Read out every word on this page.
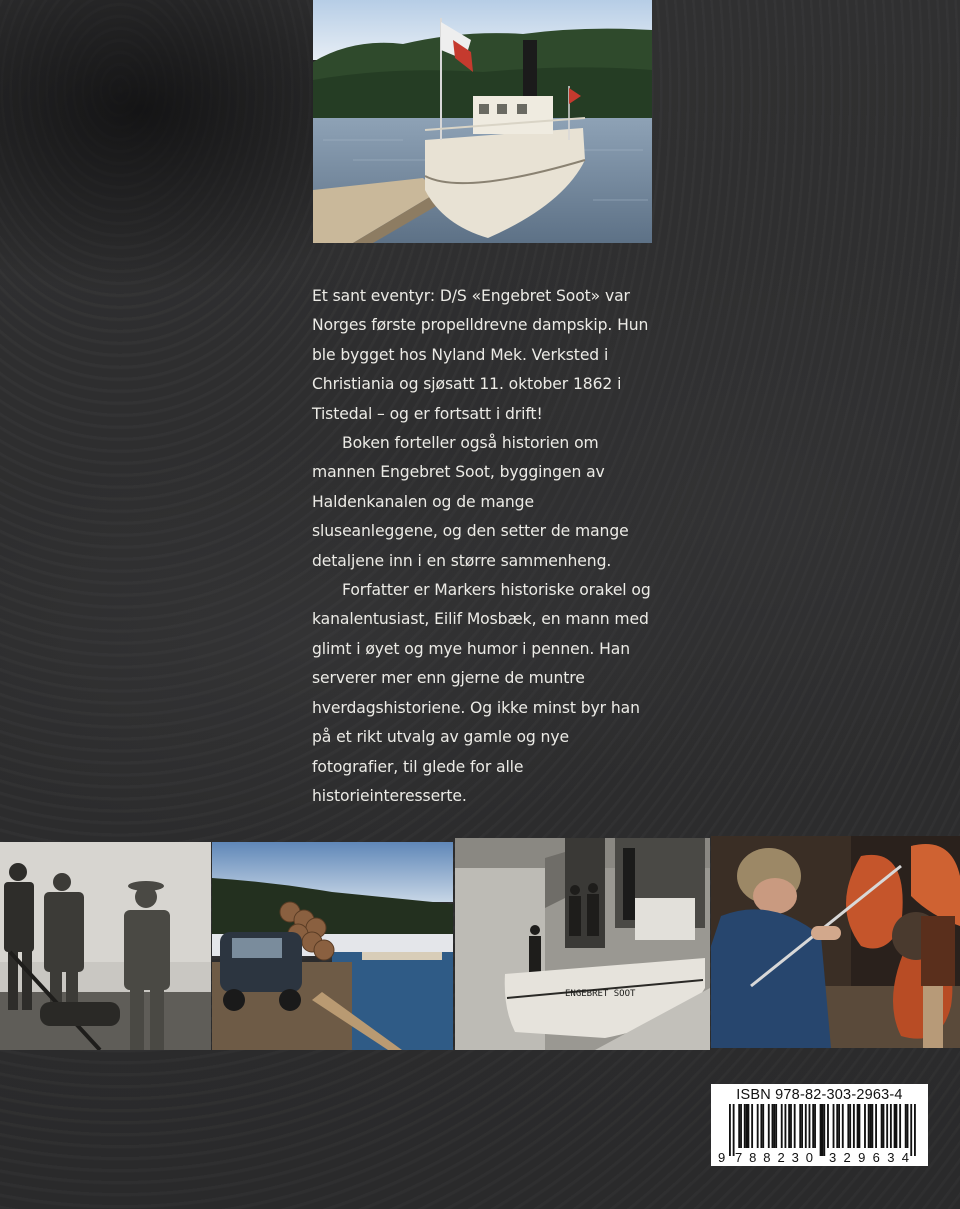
Et sant eventyr: D/S «Engebret Soot» var Norges første propelldrevne dampskip. Hun ble bygget hos Nyland Mek. Verksted i Christiania og sjøsatt 11. oktober 1862 i Tistedal – og er fortsatt i drift!

Boken forteller også historien om mannen Engebret Soot, byggingen av Haldenkanalen og de mange sluseanleggene, og den setter de mange detaljene inn i en større sammenheng.

Forfatter er Markers historiske orakel og kanalentusiast, Eilif Mosbæk, en mann med glimt i øyet og mye humor i pennen. Han serverer mer enn gjerne de muntre hverdagshistoriene. Og ikke minst byr han på et rikt utvalg av gamle og nye fotografier, til glede for alle historieinteresserte.

ENGEBRET SOOT
ISBN 978-82-303-2963-4
9 788230 329634
